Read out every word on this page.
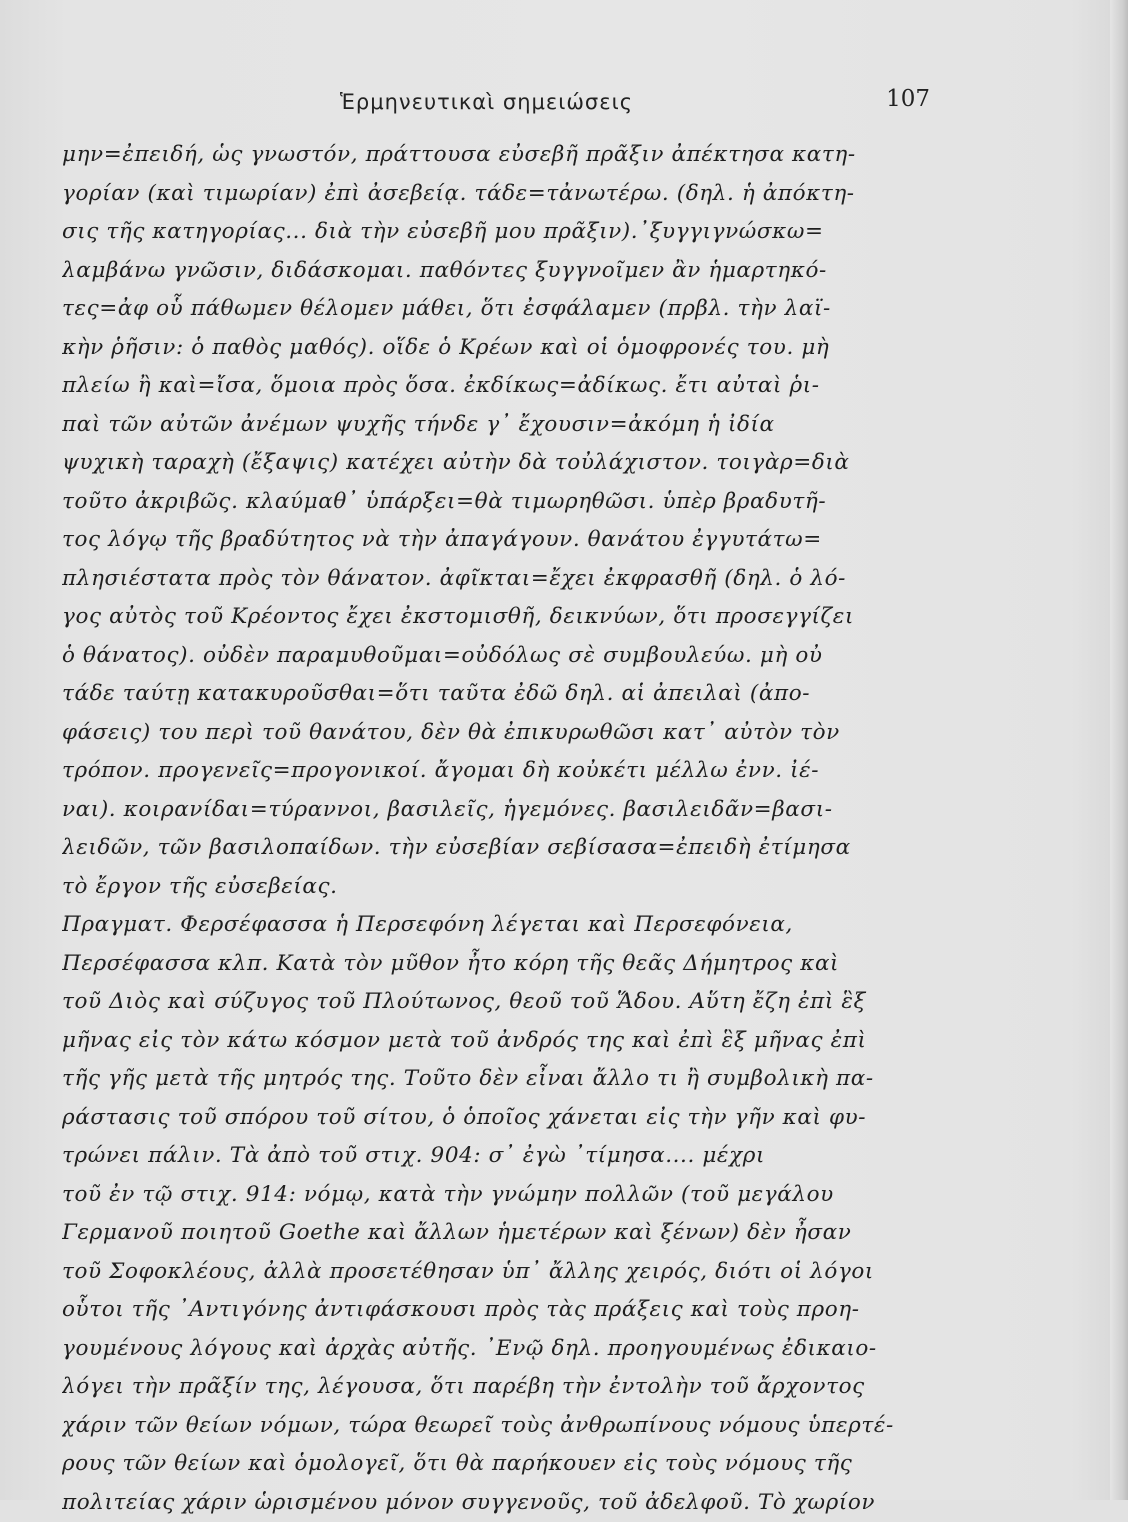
Ἑρμηνευτικαὶ σημειώσεις	107
μην=ἐπειδή, ὡς γνωστόν, πράττουσα εὐσεβῆ πρᾶξιν ἀπέκτησα κατη-
γορίαν (καὶ τιμωρίαν) ἐπὶ ἀσεβείᾳ. τάδε=τἀνωτέρω. (δηλ. ἡ ἀπόκτη-
σις τῆς κατηγορίας... διὰ τὴν εὐσεβῆ μου πρᾶξιν).᾽ξυγγιγνώσκω=
λαμβάνω γνῶσιν, διδάσκομαι. παθόντες ξυγγνοῖμεν ἂν ἡμαρτηκό-
τες=ἀφ οὗ πάθωμεν θέλομεν μάθει, ὅτι ἐσφάλαμεν (πρβλ. τὴν λαϊ-
κὴν ῥῆσιν: ὁ παθὸς μαθός). οἵδε ὁ Κρέων καὶ οἱ ὁμοφρονές του. μὴ
πλείω ἢ καὶ=ἴσα, ὅμοια πρὸς ὅσα. ἐκδίκως=ἀδίκως. ἔτι αὐταὶ ῥι-
παὶ τῶν αὐτῶν ἀνέμων ψυχῆς τήνδε γ᾽ ἔχουσιν=ἀκόμη ἡ ἰδία
ψυχικὴ ταραχὴ (ἔξαψις) κατέχει αὐτὴν δὰ τοὐλάχιστον. τοιγὰρ=διὰ
τοῦτο ἀκριβῶς. κλαύμαθ᾽ ὑπάρξει=θὰ τιμωρηθῶσι. ὑπὲρ βραδυτῆ-
τος λόγῳ τῆς βραδύτητος νὰ τὴν ἀπαγάγουν. θανάτου ἐγγυτάτω=
πλησιέστατα πρὸς τὸν θάνατον. ἀφῖκται=ἔχει ἐκφρασθῆ (δηλ. ὁ λό-
γος αὐτὸς τοῦ Κρέοντος ἔχει ἐκστομισθῆ, δεικνύων, ὅτι προσεγγίζει
ὁ θάνατος). οὐδὲν παραμυθοῦμαι=οὐδόλως σὲ συμβουλεύω. μὴ οὐ
τάδε ταύτῃ κατακυροῦσθαι=ὅτι ταῦτα ἐδῶ δηλ. αἱ ἀπειλαὶ (ἀπο-
φάσεις) του περὶ τοῦ θανάτου, δὲν θὰ ἐπικυρωθῶσι κατ᾽ αὐτὸν τὸν
τρόπον. προγενεῖς=προγονικοί. ἄγομαι δὴ κοὐκέτι μέλλω ἐνν. ἰέ-
ναι). κοιρανίδαι=τύραννοι, βασιλεῖς, ἡγεμόνες. βασιλειδᾶν=βασι-
λειδῶν, τῶν βασιλοπαίδων. τὴν εὐσεβίαν σεβίσασα=ἐπειδὴ ἐτίμησα
τὸ ἔργον τῆς εὐσεβείας.
Πραγματ. Φερσέφασσα ἡ Περσεφόνη λέγεται καὶ Περσεφόνεια,
Περσέφασσα κλπ. Κατὰ τὸν μῦθον ἦτο κόρη τῆς θεᾶς Δήμητρος καὶ
τοῦ Διὸς καὶ σύζυγος τοῦ Πλούτωνος, θεοῦ τοῦ Ἅδου. Αὕτη ἔζη ἐπὶ ἓξ
μῆνας εἰς τὸν κάτω κόσμον μετὰ τοῦ ἀνδρός της καὶ ἐπὶ ἓξ μῆνας ἐπὶ
τῆς γῆς μετὰ τῆς μητρός της. Τοῦτο δὲν εἶναι ἄλλο τι ἢ συμβολικὴ πα-
ράστασις τοῦ σπόρου τοῦ σίτου, ὁ ὁποῖος χάνεται εἰς τὴν γῆν καὶ φυ-
τρώνει πάλιν. Τὰ ἀπὸ τοῦ στιχ. 904: σ᾽ ἐγὼ ᾽τίμησα.... μέχρι
τοῦ ἐν τῷ στιχ. 914: νόμῳ, κατὰ τὴν γνώμην πολλῶν (τοῦ μεγάλου
Γερμανοῦ ποιητοῦ Goethe καὶ ἄλλων ἡμετέρων καὶ ξένων) δὲν ἦσαν
τοῦ Σοφοκλέους, ἀλλὰ προσετέθησαν ὑπ᾽ ἄλλης χειρός, διότι οἱ λόγοι
οὗτοι τῆς ᾽Αντιγόνης ἀντιφάσκουσι πρὸς τὰς πράξεις καὶ τοὺς προη-
γουμένους λόγους καὶ ἀρχὰς αὐτῆς. ᾽Ενῷ δηλ. προηγουμένως ἐδικαιο-
λόγει τὴν πρᾶξίν της, λέγουσα, ὅτι παρέβη τὴν ἐντολὴν τοῦ ἄρχοντος
χάριν τῶν θείων νόμων, τώρα θεωρεῖ τοὺς ἀνθρωπίνους νόμους ὑπερτέ-
ρους τῶν θείων καὶ ὁμολογεῖ, ὅτι θὰ παρήκουεν εἰς τοὺς νόμους τῆς
πολιτείας χάριν ὡρισμένου μόνον συγγενοῦς, τοῦ ἀδελφοῦ. Τὸ χωρίον
